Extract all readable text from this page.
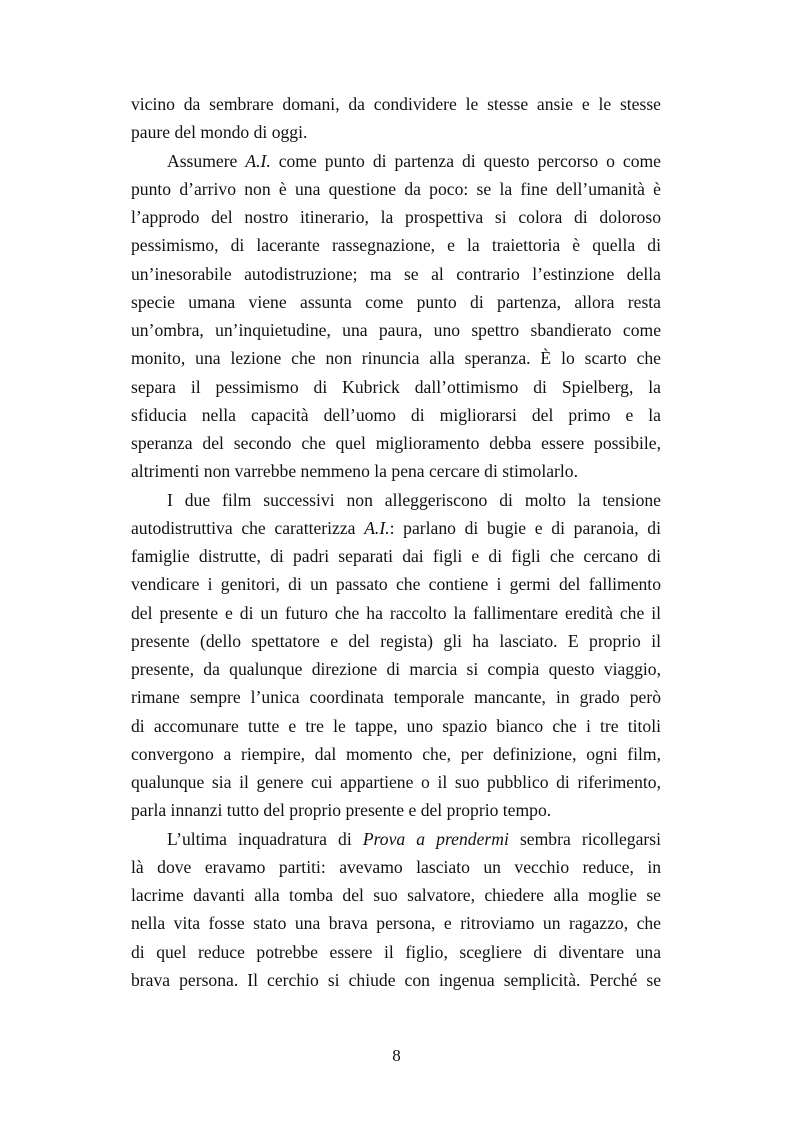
vicino da sembrare domani, da condividere le stesse ansie e le stesse
paure del mondo di oggi.
Assumere A.I. come punto di partenza di questo percorso o come
punto d’arrivo non è una questione da poco: se la fine dell’umanità è
l’approdo del nostro itinerario, la prospettiva si colora di doloroso
pessimismo, di lacerante rassegnazione, e la traiettoria è quella di
un’inesorabile autodistruzione; ma se al contrario l’estinzione della
specie umana viene assunta come punto di partenza, allora resta
un’ombra, un’inquietudine, una paura, uno spettro sbandierato come
monito, una lezione che non rinuncia alla speranza. È lo scarto che
separa il pessimismo di Kubrick dall’ottimismo di Spielberg, la
sfiducia nella capacità dell’uomo di migliorarsi del primo e la
speranza del secondo che quel miglioramento debba essere possibile,
altrimenti non varrebbe nemmeno la pena cercare di stimolarlo.
I due film successivi non alleggeriscono di molto la tensione
autodistruttiva che caratterizza A.I.: parlano di bugie e di paranoia, di
famiglie distrutte, di padri separati dai figli e di figli che cercano di
vendicare i genitori, di un passato che contiene i germi del fallimento
del presente e di un futuro che ha raccolto la fallimentare eredità che il
presente (dello spettatore e del regista) gli ha lasciato. E proprio il
presente, da qualunque direzione di marcia si compia questo viaggio,
rimane sempre l’unica coordinata temporale mancante, in grado però
di accomunare tutte e tre le tappe, uno spazio bianco che i tre titoli
convergono a riempire, dal momento che, per definizione, ogni film,
qualunque sia il genere cui appartiene o il suo pubblico di riferimento,
parla innanzi tutto del proprio presente e del proprio tempo.
L’ultima inquadratura di Prova a prendermi sembra ricollegarsi
là dove eravamo partiti: avevamo lasciato un vecchio reduce, in
lacrime davanti alla tomba del suo salvatore, chiedere alla moglie se
nella vita fosse stato una brava persona, e ritroviamo un ragazzo, che
di quel reduce potrebbe essere il figlio, scegliere di diventare una
brava persona. Il cerchio si chiude con ingenua semplicità. Perché se
8
